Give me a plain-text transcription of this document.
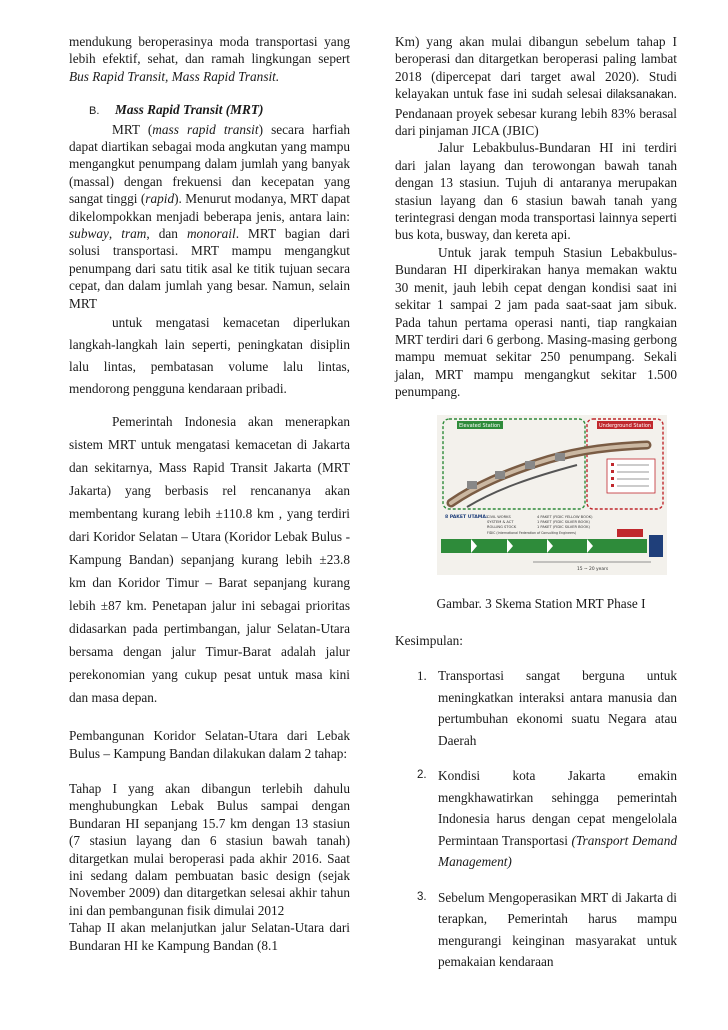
mendukung beroperasinya moda transportasi yang lebih efektif, sehat, dan ramah lingkungan sepert Bus Rapid Transit, Mass Rapid Transit.

B. Mass Rapid Transit (MRT)

MRT (mass rapid transit) secara harfiah dapat diartikan sebagai moda angkutan yang mampu mengangkut penumpang dalam jumlah yang banyak (massal) dengan frekuensi dan kecepatan yang sangat tinggi (rapid). Menurut modanya, MRT dapat dikelompokkan menjadi beberapa jenis, antara lain: subway, tram, dan monorail. MRT bagian dari solusi transportasi. MRT mampu mengangkut penumpang dari satu titik asal ke titik tujuan secara cepat, dan dalam jumlah yang besar. Namun, selain MRT

untuk mengatasi kemacetan diperlukan langkah-langkah lain seperti, peningkatan disiplin lalu lintas, pembatasan volume lalu lintas, mendorong pengguna kendaraan pribadi.

Pemerintah Indonesia akan menerapkan sistem MRT untuk mengatasi kemacetan di Jakarta dan sekitarnya, Mass Rapid Transit Jakarta (MRT Jakarta) yang berbasis rel rencananya akan membentang kurang lebih ±110.8 km , yang terdiri dari Koridor Selatan – Utara (Koridor Lebak Bulus - Kampung Bandan) sepanjang kurang lebih ±23.8 km dan Koridor Timur – Barat sepanjang kurang lebih ±87 km. Penetapan jalur ini sebagai prioritas didasarkan pada pertimbangan, jalur Selatan-Utara bersama dengan jalur Timur-Barat adalah jalur perekonomian yang cukup pesat untuk masa kini dan masa depan.

Pembangunan Koridor Selatan-Utara dari Lebak Bulus – Kampung Bandan dilakukan dalam 2 tahap:

Tahap I yang akan dibangun terlebih dahulu menghubungkan Lebak Bulus sampai dengan Bundaran HI sepanjang 15.7 km dengan 13 stasiun (7 stasiun layang dan 6 stasiun bawah tanah) ditargetkan mulai beroperasi pada akhir 2016. Saat ini sedang dalam pembuatan basic design (sejak November 2009) dan ditargetkan selesai akhir tahun ini dan pembangunan fisik dimulai 2012

Tahap II akan melanjutkan jalur Selatan-Utara dari Bundaran HI ke Kampung Bandan (8.1

Km) yang akan mulai dibangun sebelum tahap I beroperasi dan ditargetkan beroperasi paling lambat 2018 (dipercepat dari target awal 2020). Studi kelayakan untuk fase ini sudah selesai dilaksanakan. Pendanaan proyek sebesar kurang lebih 83% berasal dari pinjaman JICA (JBIC)

Jalur Lebakbulus-Bundaran HI ini terdiri dari jalan layang dan terowongan bawah tanah dengan 13 stasiun. Tujuh di antaranya merupakan stasiun layang dan 6 stasiun bawah tanah yang terintegrasi dengan moda transportasi lainnya seperti bus kota, busway, dan kereta api.

Untuk jarak tempuh Stasiun Lebakbulus-Bundaran HI diperkirakan hanya memakan waktu 30 menit, jauh lebih cepat dengan kondisi saat ini sekitar 1 sampai 2 jam pada saat-saat jam sibuk. Pada tahun pertama operasi nanti, tiap rangkaian MRT terdiri dari 6 gerbong. Masing-masing gerbong mampu memuat sekitar 250 penumpang. Sekali jalan, MRT mampu mengangkut sekitar 1.500 penumpang.

Elevated Station	Underground Station
8 PAKET UTAMA: CIVIL WORKS
SYSTEM & ACT
ROLLING STOCK
4 PAKET (FIDIC YELLOW BOOK)
1 PAKET (FIDIC SILVER BOOK)
1 PAKET (FIDIC SILVER BOOK)
FIDIC (International Federation of Consulting Engineers)
15 ~ 20 years

Gambar. 3 Skema Station MRT Phase I

Kesimpulan:

1. Transportasi sangat berguna untuk meningkatkan interaksi antara manusia dan pertumbuhan ekonomi suatu Negara atau Daerah
2. Kondisi kota Jakarta emakin mengkhawatirkan sehingga pemerintah Indonesia harus dengan cepat mengelolala Permintaan Transportasi (Transport Demand Management)
3. Sebelum Mengoperasikan MRT di Jakarta di terapkan, Pemerintah harus mampu mengurangi keinginan masyarakat untuk pemakaian kendaraan
